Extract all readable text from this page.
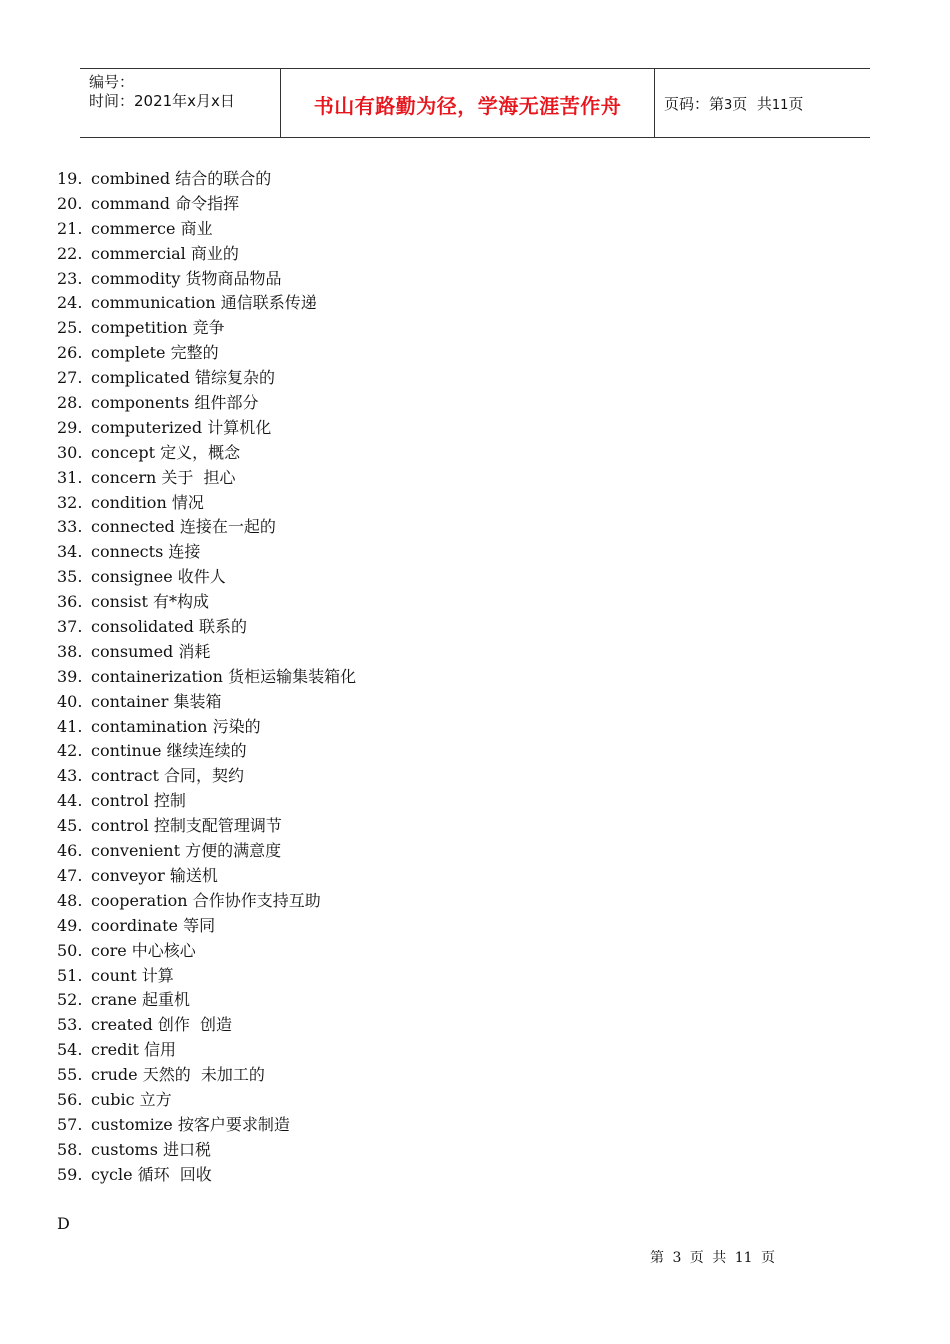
编号：
时间：2021年x月x日	书山有路勤为径，学海无涯苦作舟	页码：第3页  共11页
19. combined 结合的联合的
20. command 命令指挥
21. commerce 商业
22. commercial 商业的
23. commodity 货物商品物品
24. communication 通信联系传递
25. competition 竞争
26. complete 完整的
27. complicated 错综复杂的
28. components 组件部分
29. computerized 计算机化
30. concept 定义，概念
31. concern 关于  担心
32. condition 情况
33. connected 连接在一起的
34. connects 连接
35. consignee 收件人
36. consist 有*构成
37. consolidated 联系的
38. consumed 消耗
39. containerization 货柜运输集装箱化
40. container 集装箱
41. contamination 污染的
42. continue 继续连续的
43. contract 合同，契约
44. control 控制
45. control 控制支配管理调节
46. convenient 方便的满意度
47. conveyor 输送机
48. cooperation 合作协作支持互助
49. coordinate 等同
50. core 中心核心
51. count 计算
52. crane 起重机
53. created 创作  创造
54. credit 信用
55. crude 天然的  未加工的
56. cubic 立方
57. customize 按客户要求制造
58. customs 进口税
59. cycle 循环  回收
D
第 3 页 共 11 页
